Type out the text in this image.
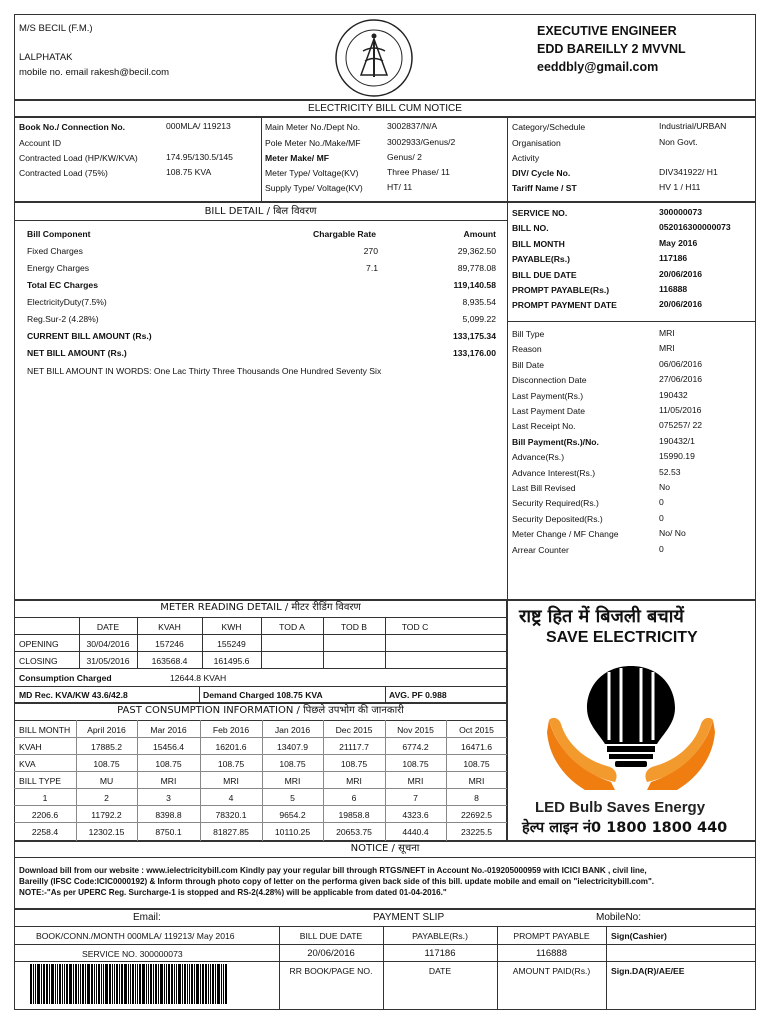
M/S BECIL (F.M.)
LALPHATAK
mobile no. email rakesh@becil.com
EXECUTIVE ENGINEER
EDD BAREILLY 2 MVVNL
eeddbly@gmail.com
ELECTRICITY BILL CUM NOTICE
Book No./ Connection No.	000MLA/ 119213
Account ID
Contracted Load (HP/KW/KVA)	174.95/130.5/145
Contracted Load (75%)	108.75 KVA
Main Meter No./Dept No.	3002837/N/A
Pole Meter No./Make/MF	3002933/Genus/2
Meter Make/ MF	Genus/ 2
Meter Type/ Voltage(KV)	Three Phase/ 11
Supply Type/ Voltage(KV)	HT/ 11
Category/Schedule	Industrial/URBAN
Organisation	Non Govt.
Activity
DIV/ Cycle No.	DIV341922/ H1
Tariff Name / ST	HV 1 / H11
BILL DETAIL / बिल विवरण
Bill Component	Chargable Rate	Amount
Fixed Charges	270	29,362.50
Energy Charges	7.1	89,778.08
Total EC Charges	119,140.58
ElectricityDuty(7.5%)	8,935.54
Reg.Sur-2 (4.28%)	5,099.22
CURRENT BILL AMOUNT (Rs.)	133,175.34
NET BILL AMOUNT (Rs.)	133,176.00
NET BILL AMOUNT IN WORDS: One Lac Thirty Three Thousands One Hundred Seventy Six
SERVICE NO.	300000073
BILL NO.	052016300000073
BILL MONTH	May 2016
PAYABLE(Rs.)	117186
BILL DUE DATE	20/06/2016
PROMPT PAYABLE(Rs.)	116888
PROMPT PAYMENT DATE	20/06/2016
Bill Type	MRI
Reason	MRI
Bill Date	06/06/2016
Disconnection Date	27/06/2016
Last Payment(Rs.)	190432
Last Payment Date	11/05/2016
Last Receipt No.	075257/ 22
Bill Payment(Rs.)/No.	190432/1
Advance(Rs.)	15990.19
Advance Interest(Rs.)	52.53
Last Bill Revised	No
Security Required(Rs.)	0
Security Deposited(Rs.)	0
Meter Change / MF Change	No/ No
Arrear Counter	0
METER READING DETAIL / मीटर रीडिंग विवरण
DATE	KVAH	KWH	TOD A	TOD B	TOD C
OPENING	30/04/2016	157246	155249
CLOSING	31/05/2016	163568.4	161495.6
Consumption Charged	12644.8 KVAH
MD Rec. KVA/KW 43.6/42.8	Demand Charged 108.75 KVA	AVG. PF 0.988
PAST CONSUMPTION INFORMATION / पिछले उपभोग की जानकारी
BILL MONTH	April 2016	Mar 2016	Feb 2016	Jan 2016	Dec 2015	Nov 2015	Oct 2015
KVAH	17885.2	15456.4	16201.6	13407.9	21117.7	6774.2	16471.6
KVA	108.75	108.75	108.75	108.75	108.75	108.75	108.75
BILL TYPE	MU	MRI	MRI	MRI	MRI	MRI	MRI
1	2	3	4	5	6	7	8
2206.6	11792.2	8398.8	78320.1	9654.2	19858.8	4323.6	22692.5
2258.4	12302.15	8750.1	81827.85	10110.25	20653.75	4440.4	23225.5
राष्ट्र हित में बिजली बचायें
SAVE ELECTRICITY
LED Bulb Saves Energy
हेल्प लाइन नं0 1800 1800 440
NOTICE / सूचना
Download bill from our website : www.ielectricitybill.com Kindly pay your regular bill through RTGS/NEFT in Account No.-019205000959 with ICICI BANK , civil line,
Bareilly (IFSC Code:ICIC0000192) & Inform through photo copy of letter on the performa given back side of this bill. update mobile and email on "ielectricitybill.com".
NOTE:-"As per UPERC Reg. Surcharge-1 is stopped and RS-2(4.28%) will be applicable from dated 01-04-2016."
Email:	PAYMENT SLIP	MobileNo:
BOOK/CONN./MONTH 000MLA/ 119213/ May 2016
SERVICE NO. 300000073
BILL DUE DATE
20/06/2016
PAYABLE(Rs.)
117186
PROMPT PAYABLE
116888
Sign(Cashier)
RR BOOK/PAGE NO.	DATE	AMOUNT PAID(Rs.)	Sign.DA(R)/AE/EE
